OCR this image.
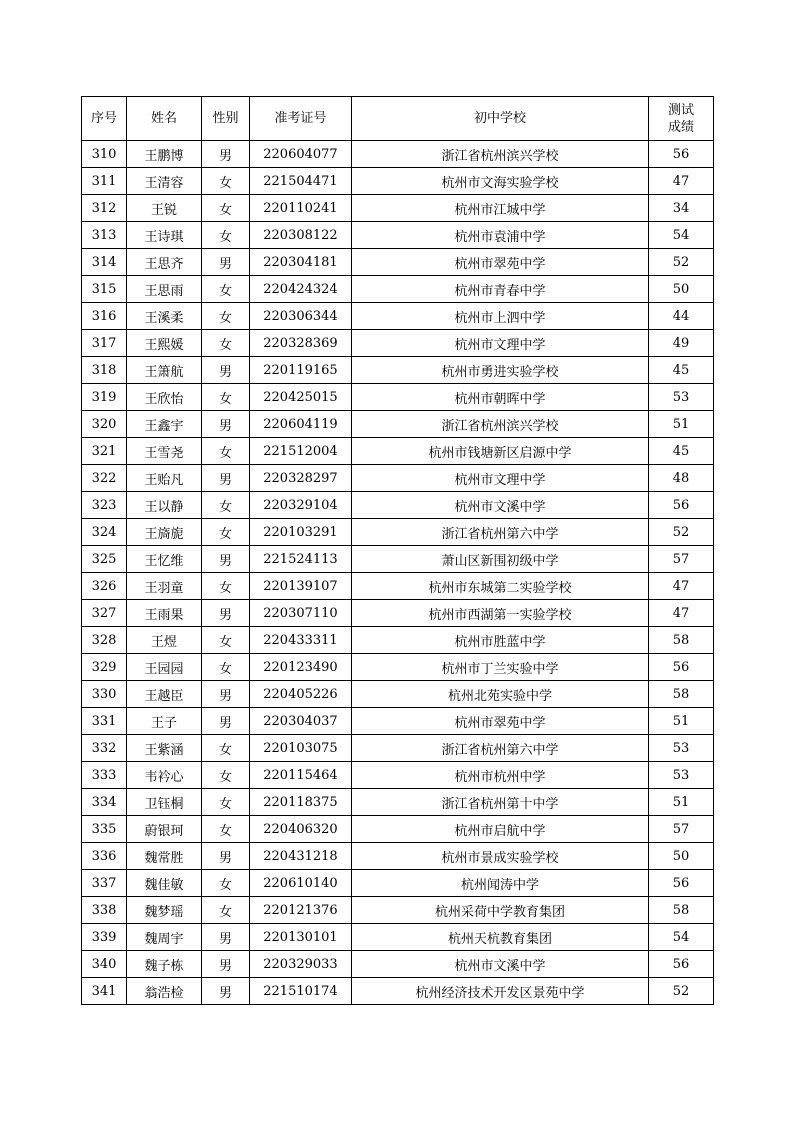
序号	姓名	性别	准考证号	初中学校	测试成绩

310	王鹏博	男	220604077	浙江省杭州滨兴学校	56
311	王清容	女	221504471	杭州市文海实验学校	47
312	王锐	女	220110241	杭州市江城中学	34
313	王诗琪	女	220308122	杭州市袁浦中学	54
314	王思齐	男	220304181	杭州市翠苑中学	52
315	王思雨	女	220424324	杭州市青春中学	50
316	王溪柔	女	220306344	杭州市上泗中学	44
317	王熙媛	女	220328369	杭州市文理中学	49
318	王箫航	男	220119165	杭州市勇进实验学校	45
319	王欣怡	女	220425015	杭州市朝晖中学	53
320	王鑫宇	男	220604119	浙江省杭州滨兴学校	51
321	王雪尧	女	221512004	杭州市钱塘新区启源中学	45
322	王贻凡	男	220328297	杭州市文理中学	48
323	王以静	女	220329104	杭州市文溪中学	56
324	王旖旎	女	220103291	浙江省杭州第六中学	52
325	王忆维	男	221524113	萧山区新围初级中学	57
326	王羽童	女	220139107	杭州市东城第二实验学校	47
327	王雨果	男	220307110	杭州市西湖第一实验学校	47
328	王煜	女	220433311	杭州市胜蓝中学	58
329	王园园	女	220123490	杭州市丁兰实验中学	56
330	王越臣	男	220405226	杭州北苑实验中学	58
331	王子	男	220304037	杭州市翠苑中学	51
332	王紫涵	女	220103075	浙江省杭州第六中学	53
333	韦衿心	女	220115464	杭州市杭州中学	53
334	卫钰桐	女	220118375	浙江省杭州第十中学	51
335	蔚银珂	女	220406320	杭州市启航中学	57
336	魏常胜	男	220431218	杭州市景成实验学校	50
337	魏佳敏	女	220610140	杭州闻涛中学	56
338	魏梦瑶	女	220121376	杭州采荷中学教育集团	58
339	魏周宇	男	220130101	杭州天杭教育集团	54
340	魏子栋	男	220329033	杭州市文溪中学	56
341	翁浩检	男	221510174	杭州经济技术开发区景苑中学	52
